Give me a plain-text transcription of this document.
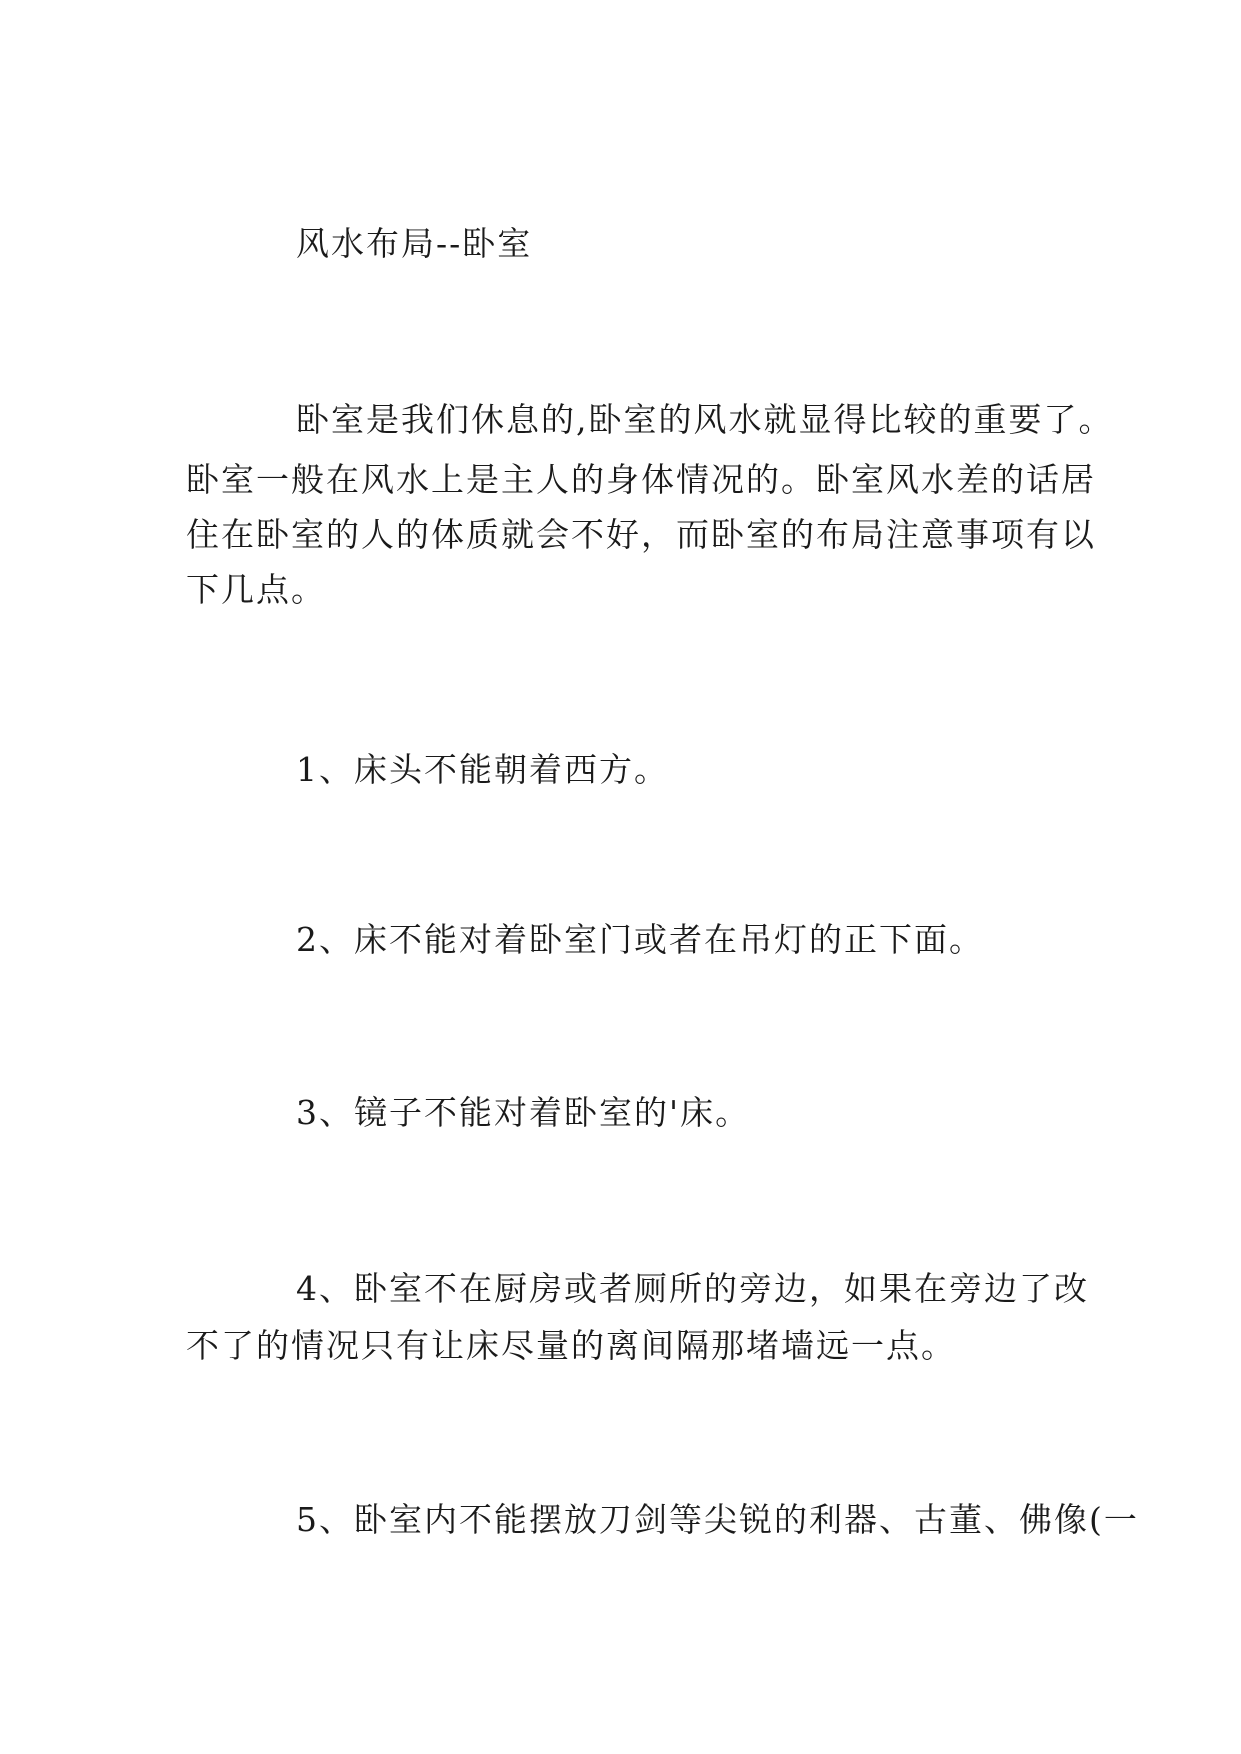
风水布局--卧室

卧室是我们休息的,卧室的风水就显得比较的重要了。

卧室一般在风水上是主人的身体情况的。卧室风水差的话居

住在卧室的人的体质就会不好，而卧室的布局注意事项有以

下几点。

1、床头不能朝着西方。

2、床不能对着卧室门或者在吊灯的正下面。

3、镜子不能对着卧室的'床。

4、卧室不在厨房或者厕所的旁边，如果在旁边了改

不了的情况只有让床尽量的离间隔那堵墙远一点。

5、卧室内不能摆放刀剑等尖锐的利器、古董、佛像(一
